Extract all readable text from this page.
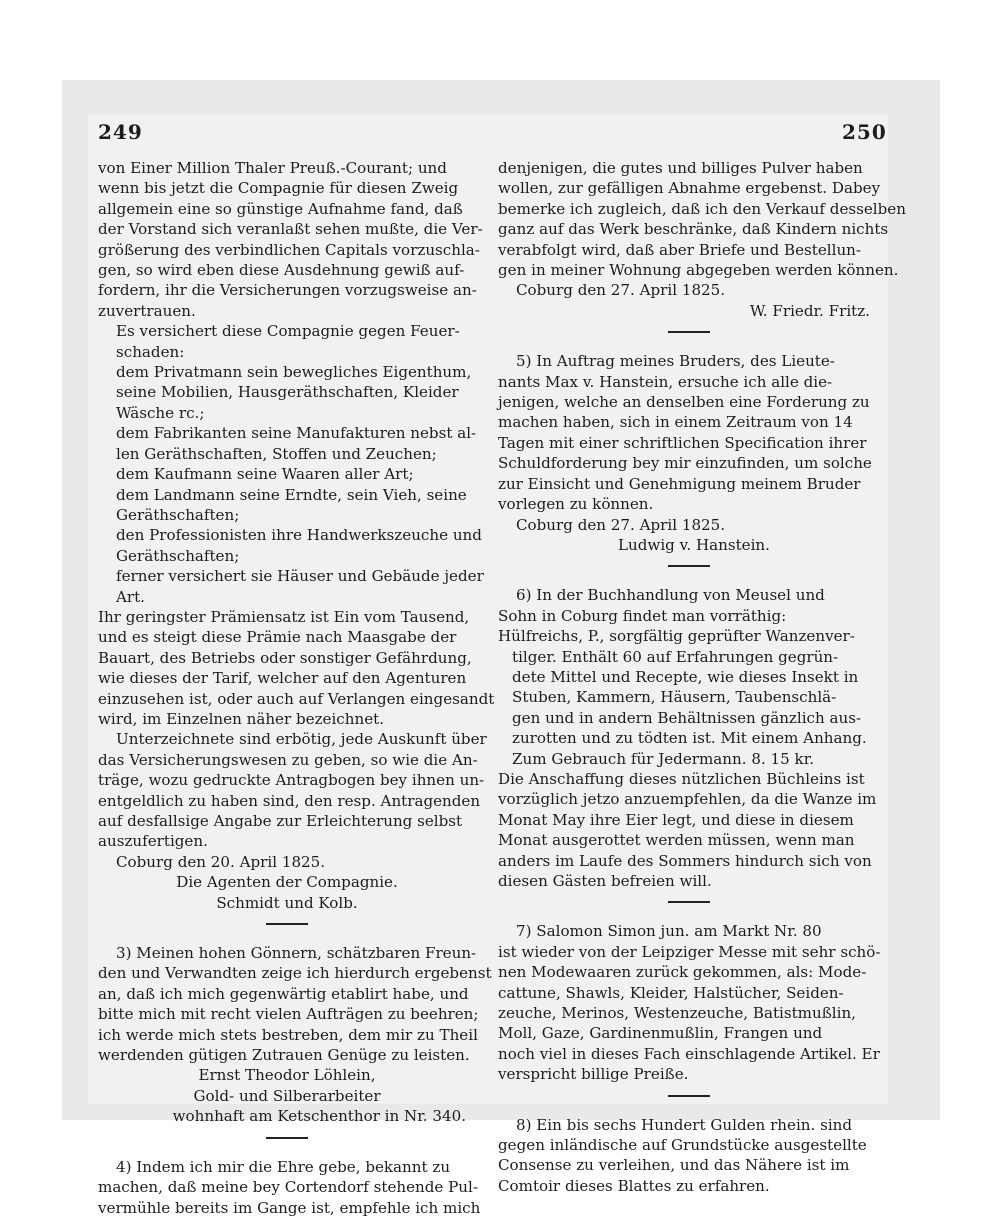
249	250

von Einer Million Thaler Preuß.-Courant; und
wenn bis jetzt die Compagnie für diesen Zweig
allgemein eine so günstige Aufnahme fand, daß
der Vorstand sich veranlaßt sehen mußte, die Ver-
größerung des verbindlichen Capitals vorzuschla-
gen, so wird eben diese Ausdehnung gewiß auf-
fordern, ihr die Versicherungen vorzugsweise an-
zuvertrauen.

Es versichert diese Compagnie gegen Feuer-
schaden:

dem Privatmann sein bewegliches Eigenthum,
seine Mobilien, Hausgeräthschaften, Kleider
Wäsche rc.;
dem Fabrikanten seine Manufakturen nebst al-
len Geräthschaften, Stoffen und Zeuchen;
dem Kaufmann seine Waaren aller Art;
dem Landmann seine Erndte, sein Vieh, seine
Geräthschaften;
den Professionisten ihre Handwerkszeuche und
Geräthschaften;
ferner versichert sie Häuser und Gebäude jeder
Art.

Ihr geringster Prämiensatz ist Ein vom Tausend,
und es steigt diese Prämie nach Maasgabe der
Bauart, des Betriebs oder sonstiger Gefährdung,
wie dieses der Tarif, welcher auf den Agenturen
einzusehen ist, oder auch auf Verlangen eingesandt
wird, im Einzelnen näher bezeichnet.

Unterzeichnete sind erbötig, jede Auskunft über
das Versicherungswesen zu geben, so wie die An-
träge, wozu gedruckte Antragbogen bey ihnen un-
entgeldlich zu haben sind, den resp. Antragenden
auf desfallsige Angabe zur Erleichterung selbst
auszufertigen.

Coburg den 20. April 1825.
Die Agenten der Compagnie.
Schmidt und Kolb.

3) Meinen hohen Gönnern, schätzbaren Freun-
den und Verwandten zeige ich hierdurch ergebenst
an, daß ich mich gegenwärtig etablirt habe, und
bitte mich mit recht vielen Aufträgen zu beehren;
ich werde mich stets bestreben, dem mir zu Theil
werdenden gütigen Zutrauen Genüge zu leisten.

Ernst Theodor Löhlein,
Gold- und Silberarbeiter
wohnhaft am Ketschenthor in Nr. 340.

4) Indem ich mir die Ehre gebe, bekannt zu
machen, daß meine bey Cortendorf stehende Pul-
vermühle bereits im Gange ist, empfehle ich mich

denjenigen, die gutes und billiges Pulver haben
wollen, zur gefälligen Abnahme ergebenst. Dabey
bemerke ich zugleich, daß ich den Verkauf desselben
ganz auf das Werk beschränke, daß Kindern nichts
verabfolgt wird, daß aber Briefe und Bestellun-
gen in meiner Wohnung abgegeben werden können.

Coburg den 27. April 1825.
W. Friedr. Fritz.

5) In Auftrag meines Bruders, des Lieute-
nants Max v. Hanstein, ersuche ich alle die-
jenigen, welche an denselben eine Forderung zu
machen haben, sich in einem Zeitraum von 14
Tagen mit einer schriftlichen Specification ihrer
Schuldforderung bey mir einzufinden, um solche
zur Einsicht und Genehmigung meinem Bruder
vorlegen zu können.

Coburg den 27. April 1825.
Ludwig v. Hanstein.

6) In der Buchhandlung von Meusel und
Sohn in Coburg findet man vorräthig:

Hülfreichs, P., sorgfältig geprüfter Wanzenver-
tilger. Enthält 60 auf Erfahrungen gegrün-
dete Mittel und Recepte, wie dieses Insekt in
Stuben, Kammern, Häusern, Taubenschlä-
gen und in andern Behältnissen gänzlich aus-
zurotten und zu tödten ist. Mit einem Anhang.
Zum Gebrauch für Jedermann. 8. 15 kr.

Die Anschaffung dieses nützlichen Büchleins ist
vorzüglich jetzo anzuempfehlen, da die Wanze im
Monat May ihre Eier legt, und diese in diesem
Monat ausgerottet werden müssen, wenn man
anders im Laufe des Sommers hindurch sich von
diesen Gästen befreien will.

7) Salomon Simon jun. am Markt Nr. 80
ist wieder von der Leipziger Messe mit sehr schö-
nen Modewaaren zurück gekommen, als: Mode-
cattune, Shawls, Kleider, Halstücher, Seiden-
zeuche, Merinos, Westenzeuche, Batistmußlin,
Moll, Gaze, Gardinenmußlin, Frangen und
noch viel in dieses Fach einschlagende Artikel. Er
verspricht billige Preiße.

8) Ein bis sechs Hundert Gulden rhein. sind
gegen inländische auf Grundstücke ausgestellte
Consense zu verleihen, und das Nähere ist im
Comtoir dieses Blattes zu erfahren.
